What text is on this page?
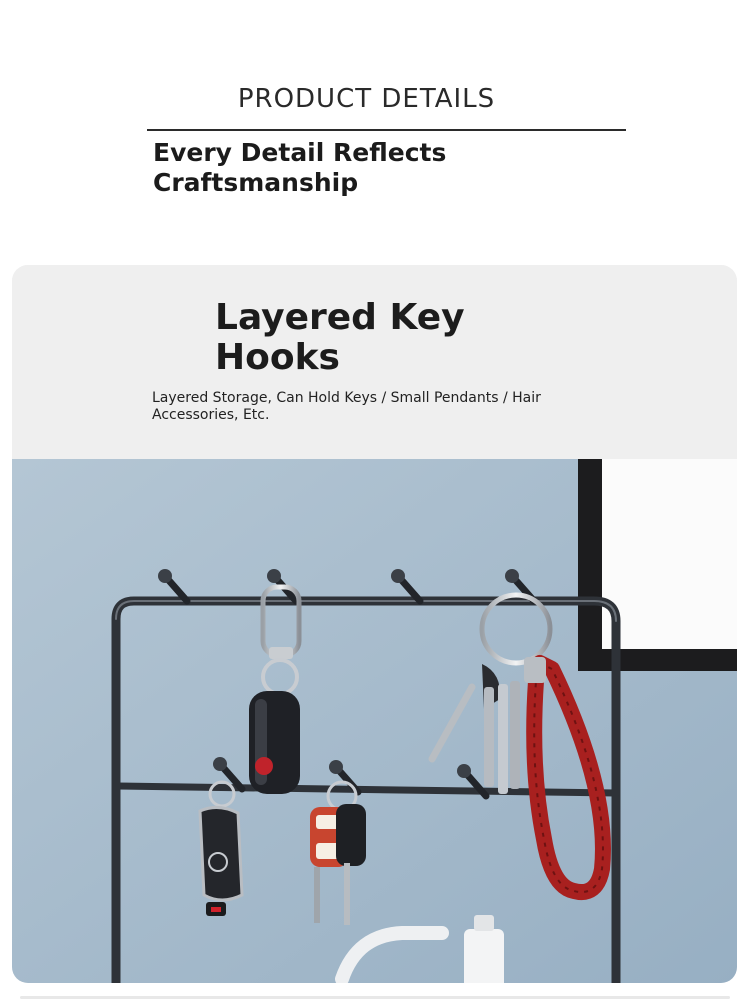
PRODUCT DETAILS
Every Detail Reflects
Craftsmanship
Layered Key
Hooks
Layered Storage, Can Hold Keys / Small Pendants / Hair
Accessories, Etc.
